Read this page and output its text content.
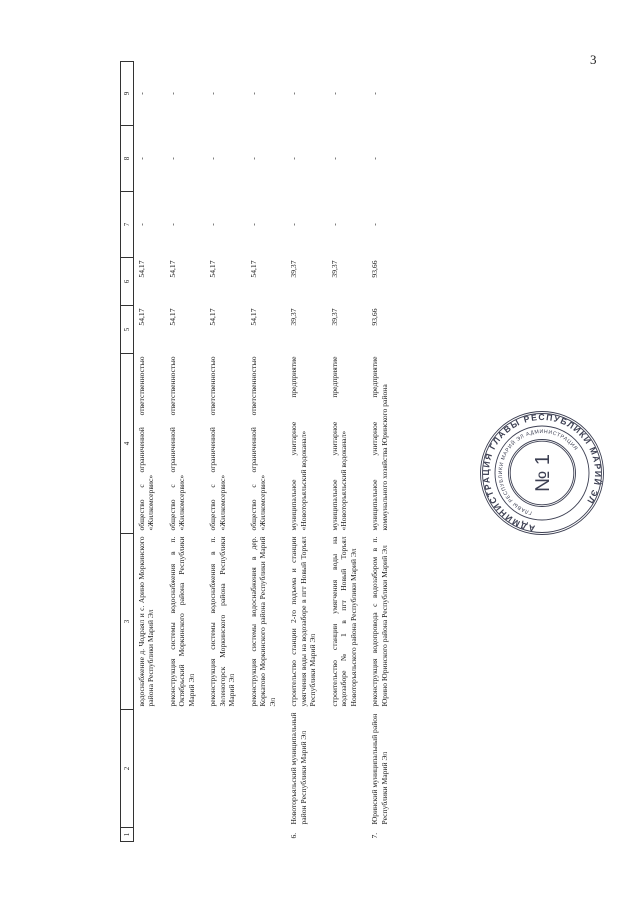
3
1	2	3	4	5	6	7	8	9
		водоснабжение д. Чодраял и с. Арино Моркинского района Республики Марий Эл	общество с ограниченной ответственностью «Жилкомсервис»	54,17	54,17	-	-	-
		реконструкция системы водоснабжения в п. Октябрьский Моркинского района Республики Марий Эл	общество с ограниченной ответственностью «Жилкомсервис»	54,17	54,17	-	-	-
		реконструкция системы водоснабжения в п. Зеленогорск Моркинского района Республики Марий Эл	общество с ограниченной ответственностью «Жилкомсервис»	54,17	54,17	-	-	-
		реконструкция системы водоснабжения в дер. Коркатово Моркинского района Республики Марий Эл	общество с ограниченной ответственностью «Жилкомсервис»	54,17	54,17	-	-	-
6.	Новоторъяльский муниципальный район Республики Марий Эл	строительство станции 2-го подъема и станции умягчения воды на водозаборе в пгт Новый Торъял Республики Марий Эл	муниципальное унитарное предприятие «Новоторъяльский водоканал»	39,37	39,37	-	-	-
		строительство станции умягчения воды на водозаборе № 1 в пгт Новый Торъял Новоторъяльского района Республики Марий Эл	муниципальное унитарное предприятие «Новоторъяльский водоканал»	39,37	39,37	-	-	-
7.	Юринский муниципальный район Республики Марий Эл	реконструкция водопровода с водозабором в п. Юрино Юринского района Республики Марий Эл	муниципальное унитарное предприятие коммунального хозяйства Юринского района	93,66	93,66	-	-	-
АДМИНИСТРАЦИЯ ГЛАВЫ РЕСПУБЛИКИ МАРИЙ ЭЛ
ГЛАВЫ РЕСПУБЛИКИ МАРИЙ ЭЛ АДМИНИСТРАЦИЯ
№ 1
